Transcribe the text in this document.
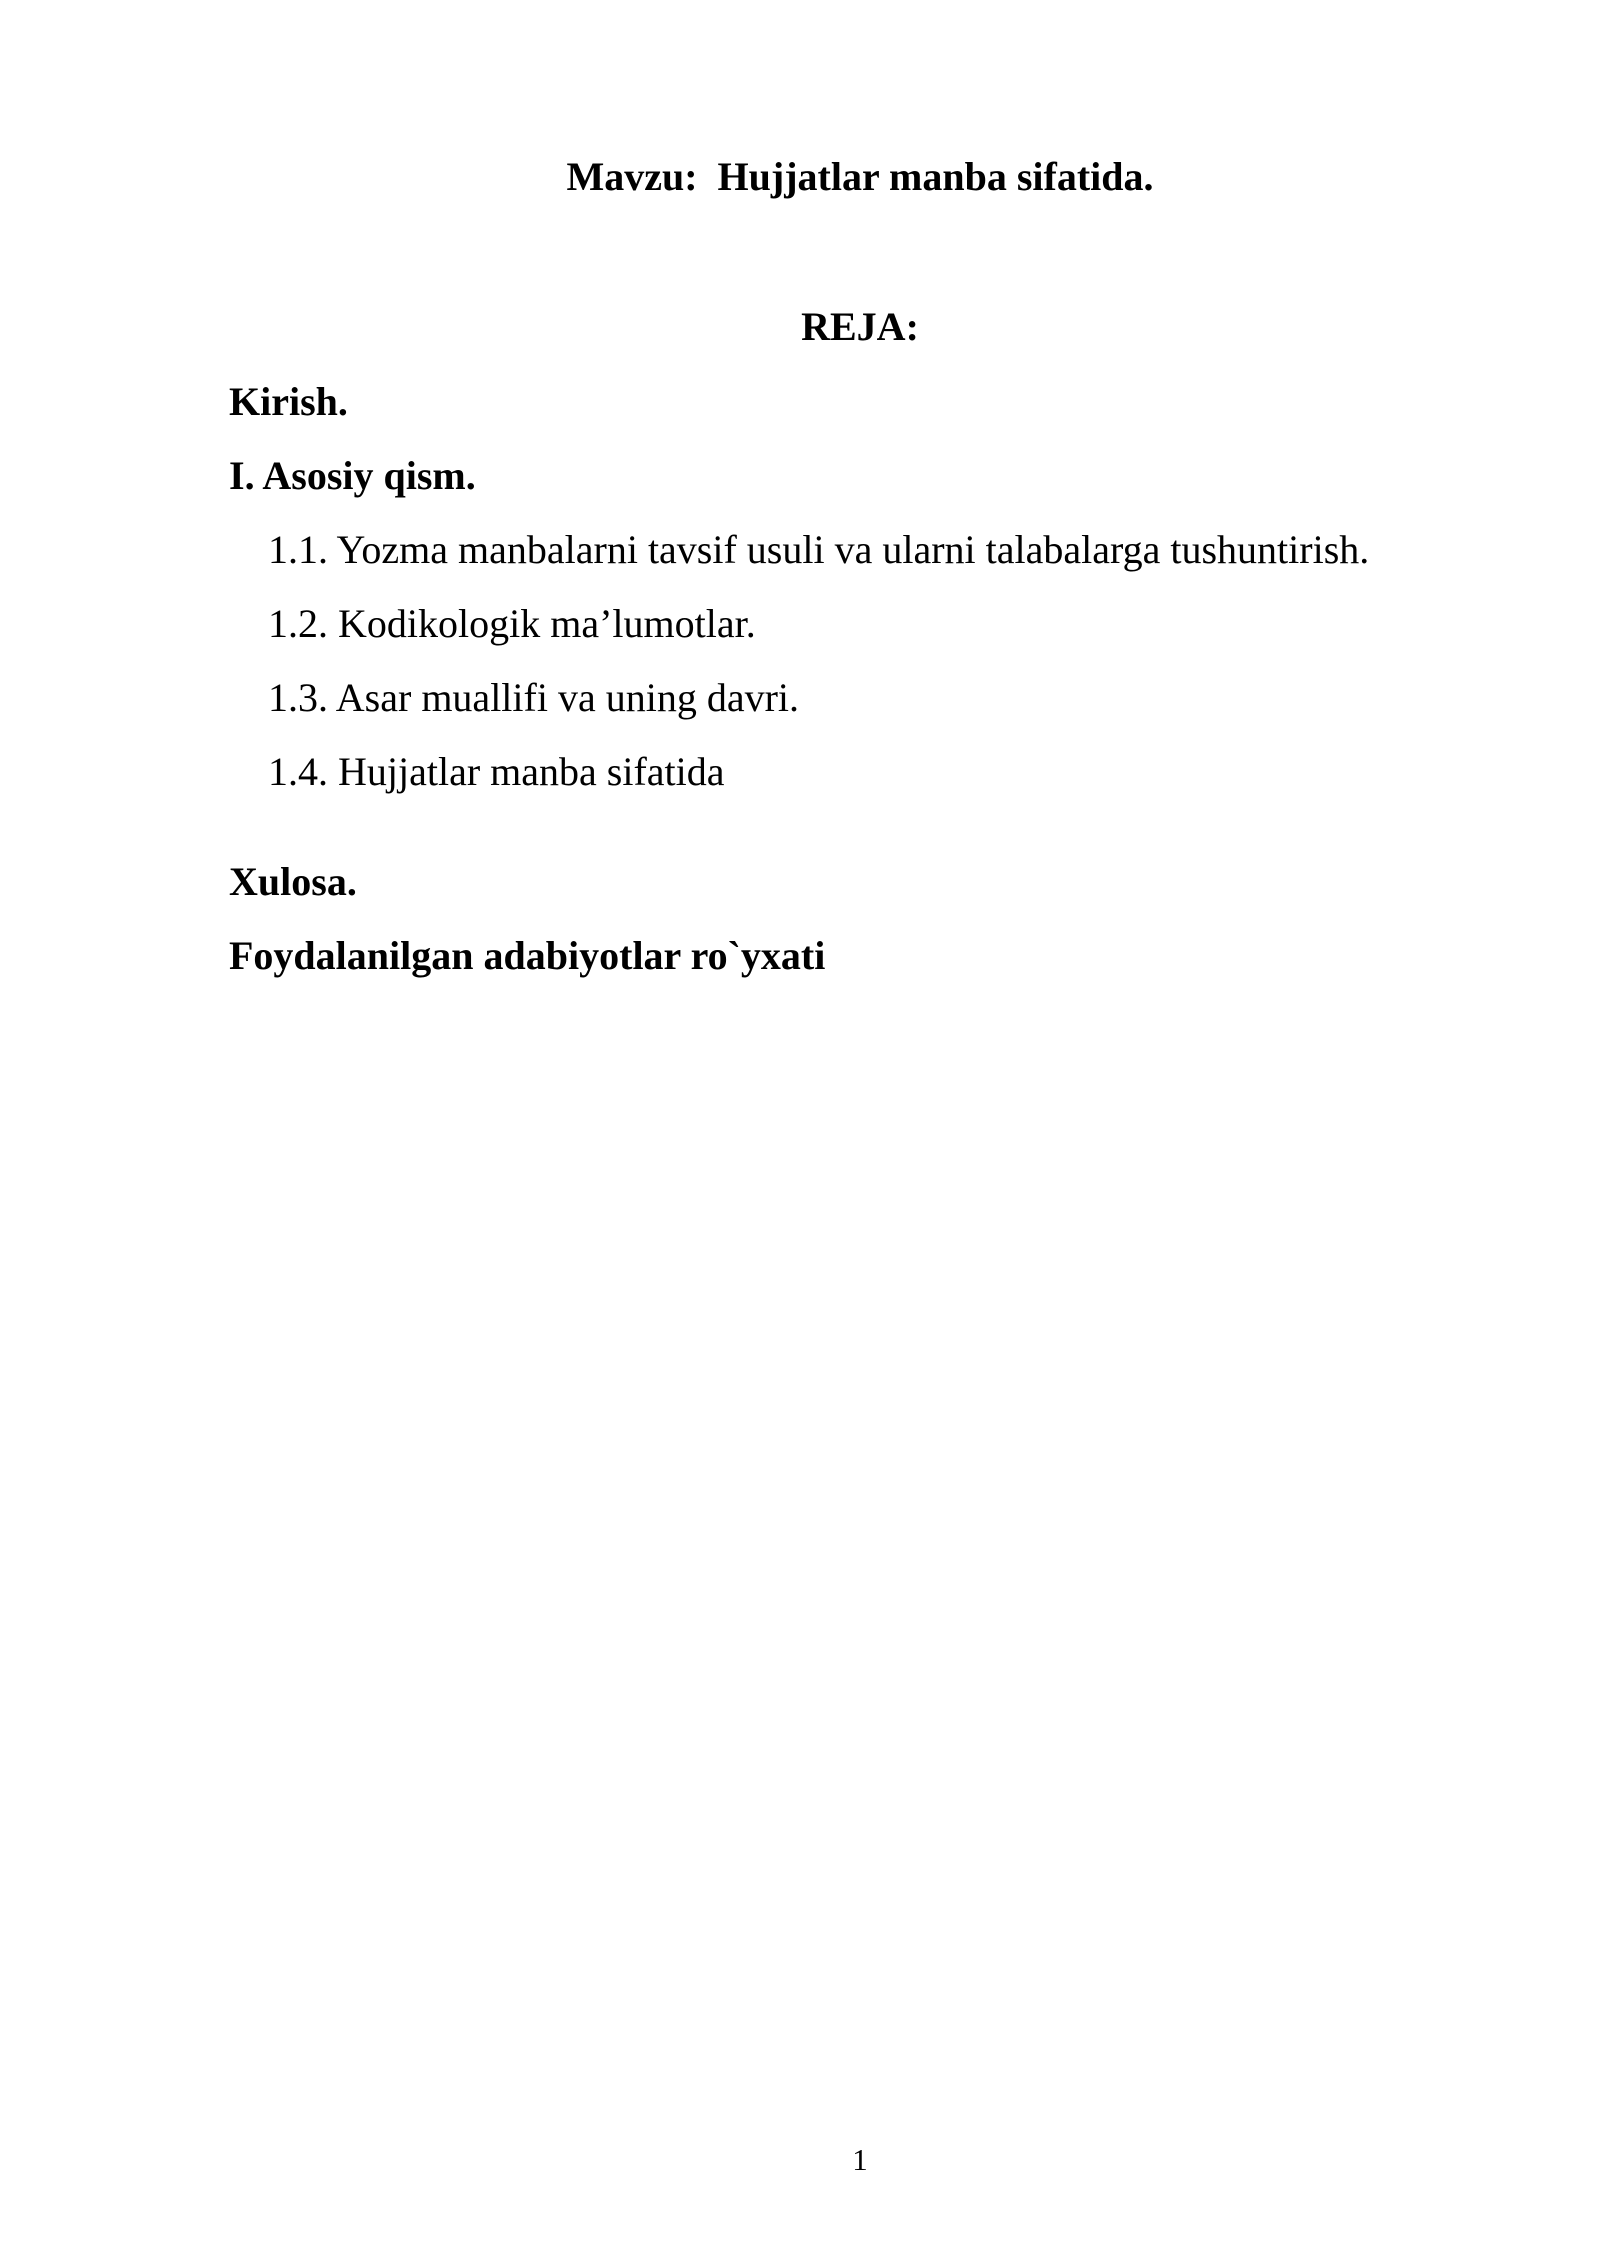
Mavzu:  Hujjatlar manba sifatida.
REJA:
Kirish.
I. Asosiy qism.
1.1. Yozma manbalarni tavsif usuli va ularni talabalarga tushuntirish.
1.2. Kodikologik ma’lumotlar.
1.3. Asar muallifi va uning davri.
1.4. Hujjatlar manba sifatida
Xulosa.
Foydalanilgan adabiyotlar ro`yxati
1
